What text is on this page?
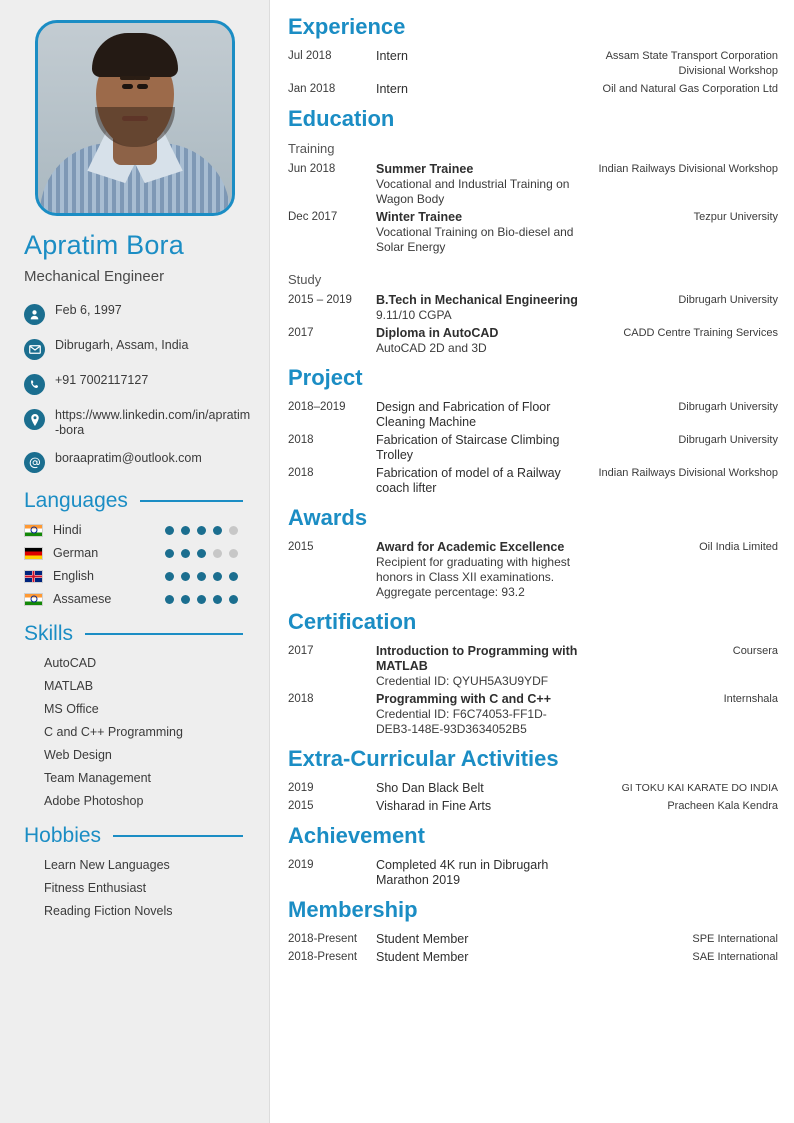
Apratim Bora
Mechanical Engineer
Feb 6, 1997
Dibrugarh, Assam, India
+91 7002117127
https://www.linkedin.com/in/apratim-bora
boraapratim@outlook.com
Languages
Hindi
German
English
Assamese
Skills
AutoCAD
MATLAB
MS Office
C and C++ Programming
Web Design
Team Management
Adobe Photoshop
Hobbies
Learn New Languages
Fitness Enthusiast
Reading Fiction Novels
Experience
Jul 2018	Intern	Assam State Transport Corporation Divisional Workshop
Jan 2018	Intern	Oil and Natural Gas Corporation Ltd
Education
Training
Jun 2018	Summer Trainee
Vocational and Industrial Training on Wagon Body	Indian Railways Divisional Workshop
Dec 2017	Winter Trainee
Vocational Training on Bio-diesel and Solar Energy	Tezpur University
Study
2015 – 2019	B.Tech in Mechanical Engineering
9.11/10 CGPA	Dibrugarh University
2017	Diploma in AutoCAD
AutoCAD 2D and 3D	CADD Centre Training Services
Project
2018–2019	Design and Fabrication of Floor Cleaning Machine	Dibrugarh University
2018	Fabrication of Staircase Climbing Trolley	Dibrugarh University
2018	Fabrication of model of a Railway coach lifter	Indian Railways Divisional Workshop
Awards
2015	Award for Academic Excellence
Recipient for graduating with highest honors in Class XII examinations. Aggregate percentage: 93.2
	Oil India Limited
Certification
2017	Introduction to Programming with MATLAB
Credential ID: QYUH5A3U9YDF	Coursera
2018	Programming with C and C++
Credential ID: F6C74053-FF1D-DEB3-148E-93D3634052B5	Internshala
Extra-Curricular Activities
2019	Sho Dan Black Belt	GI TOKU KAI KARATE DO INDIA
2015	Visharad in Fine Arts	Pracheen Kala Kendra
Achievement
2019	Completed 4K run in Dibrugarh Marathon 2019	
Membership
2018-Present	Student Member	SPE International
2018-Present	Student Member	SAE International
